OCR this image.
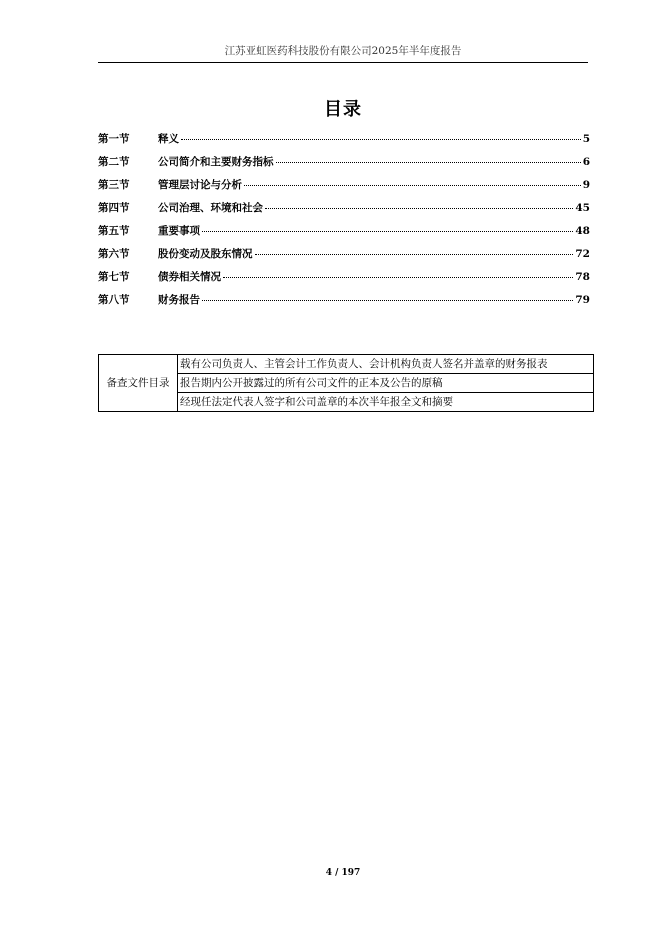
江苏亚虹医药科技股份有限公司2025年半年度报告
目录
第一节	释义	5
第二节	公司简介和主要财务指标	6
第三节	管理层讨论与分析	9
第四节	公司治理、环境和社会	45
第五节	重要事项	48
第六节	股份变动及股东情况	72
第七节	债券相关情况	78
第八节	财务报告	79
备查文件目录	载有公司负责人、主管会计工作负责人、会计机构负责人签名并盖章的财务报表
报告期内公开披露过的所有公司文件的正本及公告的原稿
经现任法定代表人签字和公司盖章的本次半年报全文和摘要
4 / 197
